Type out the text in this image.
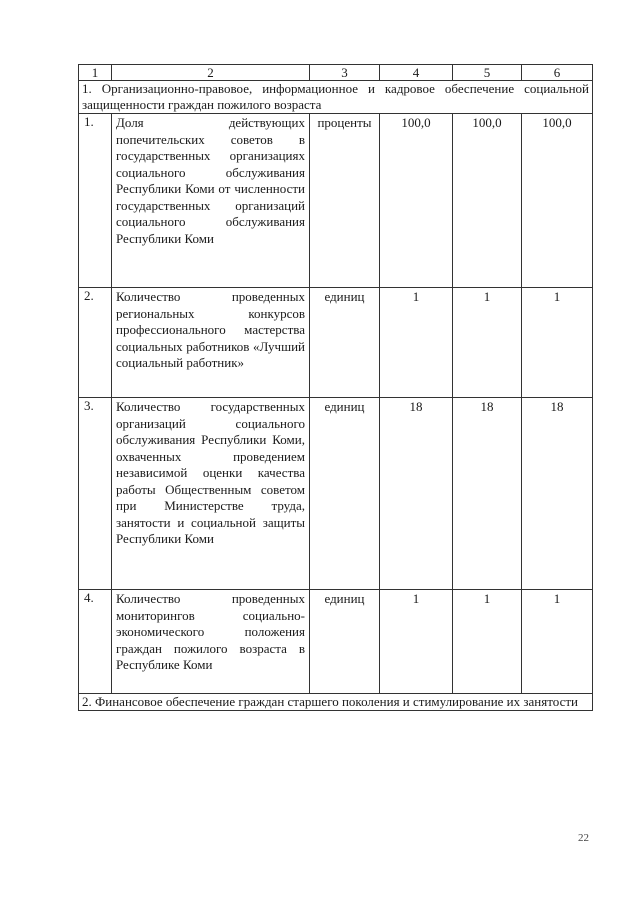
1	2	3	4	5	6
1. Организационно-правовое, информационное и кадровое обеспечение социальной защищенности граждан пожилого возраста					
1.	Доля действующих попечительских советов в государственных организациях социального обслуживания Республики Коми от численности государственных организаций социального обслуживания Республики Коми	проценты	100,0	100,0	100,0
2.	Количество проведенных региональных конкурсов профессионального мастерства социальных работников «Лучший социальный работник»	единиц	1	1	1
3.	Количество государственных организаций социального обслуживания Республики Коми, охваченных проведением независимой оценки качества работы Общественным советом при Министерстве труда, занятости и социальной защиты Республики Коми	единиц	18	18	18
4.	Количество проведенных мониторингов социально-экономического положения граждан пожилого возраста в Республике Коми	единиц	1	1	1
2. Финансовое обеспечение граждан старшего поколения и стимулирование их занятости					
22
